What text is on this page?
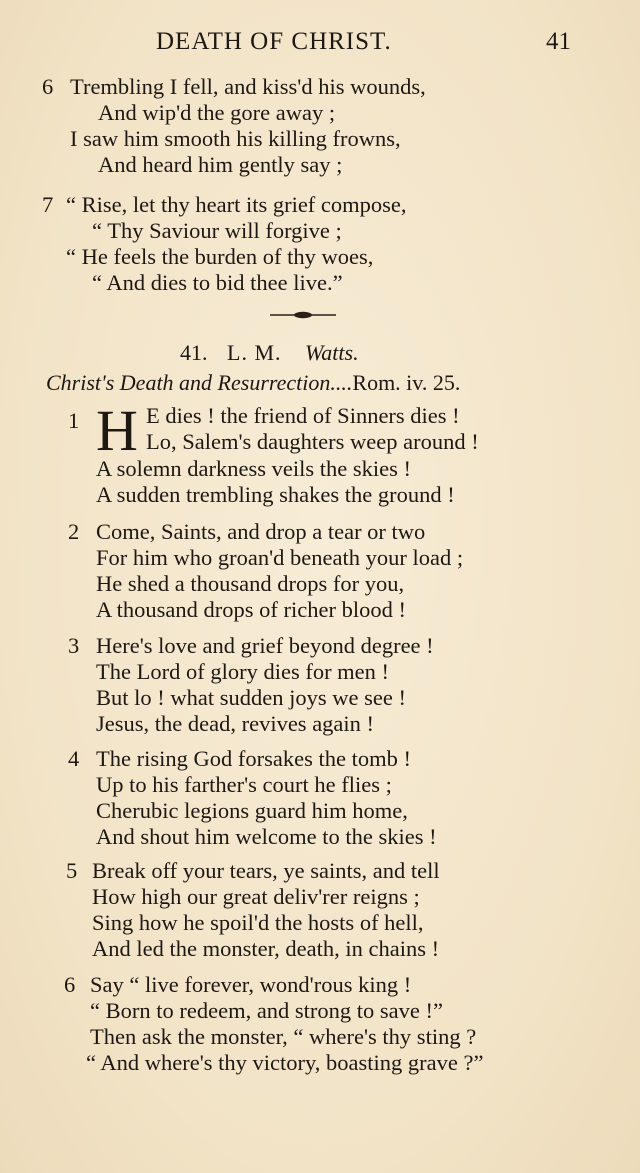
DEATH OF CHRIST.	41
6 Trembling I fell, and kiss'd his wounds,
And wip'd the gore away ;
I saw him smooth his killing frowns,
And heard him gently say ;
7 “ Rise, let thy heart its grief compose,
“ Thy Saviour will forgive ;
“ He feels the burden of thy woes,
“ And dies to bid thee live.”
41. L. M. Watts.
Christ's Death and Resurrection....Rom. iv. 25.
1 H E dies ! the friend of Sinners dies !
Lo, Salem's daughters weep around !
A solemn darkness veils the skies !
A sudden trembling shakes the ground !
2 Come, Saints, and drop a tear or two
For him who groan'd beneath your load ;
He shed a thousand drops for you,
A thousand drops of richer blood !
3 Here's love and grief beyond degree !
The Lord of glory dies for men !
But lo ! what sudden joys we see !
Jesus, the dead, revives again !
4 The rising God forsakes the tomb !
Up to his farther's court he flies ;
Cherubic legions guard him home,
And shout him welcome to the skies !
5 Break off your tears, ye saints, and tell
How high our great deliv'rer reigns ;
Sing how he spoil'd the hosts of hell,
And led the monster, death, in chains !
6 Say “ live forever, wond'rous king !
“ Born to redeem, and strong to save !”
Then ask the monster, “ where's thy sting ?
“ And where's thy victory, boasting grave ?”
